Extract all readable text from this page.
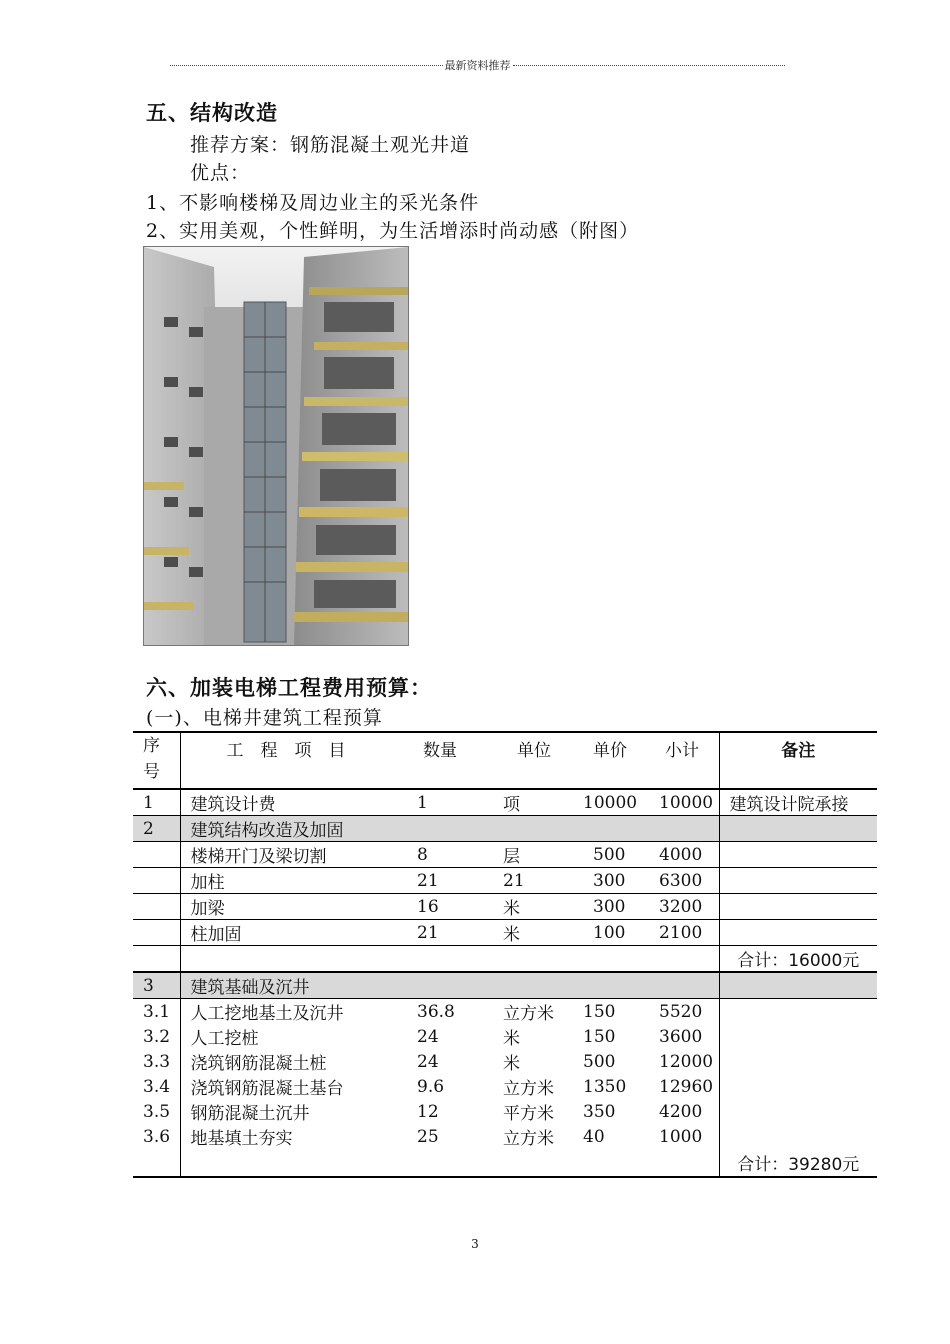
最新资料推荐
五、结构改造
推荐方案：钢筋混凝土观光井道
优点：
1、不影响楼梯及周边业主的采光条件
2、实用美观，个性鲜明，为生活增添时尚动感（附图）
六、加装电梯工程费用预算：
(一)、电梯井建筑工程预算
序号	工　程　项　目	数量	单位	单价	小计	备注
1	建筑设计费	1	项	10000	10000	建筑设计院承接
2	建筑结构改造及加固					
	楼梯开门及梁切割	8	层	500	4000	
	加柱	21	21	300	6300	
	加梁	16	米	300	3200	
	柱加固	21	米	100	2100	
						合计：16000元
3	建筑基础及沉井					
3.1	人工挖地基土及沉井	36.8	立方米	150	5520	
3.2	人工挖桩	24	米	150	3600	
3.3	浇筑钢筋混凝土桩	24	米	500	12000	
3.4	浇筑钢筋混凝土基台	9.6	立方米	1350	12960	
3.5	钢筋混凝土沉井	12	平方米	350	4200	
3.6	地基填土夯实	25	立方米	40	1000	
						合计：39280元
3
